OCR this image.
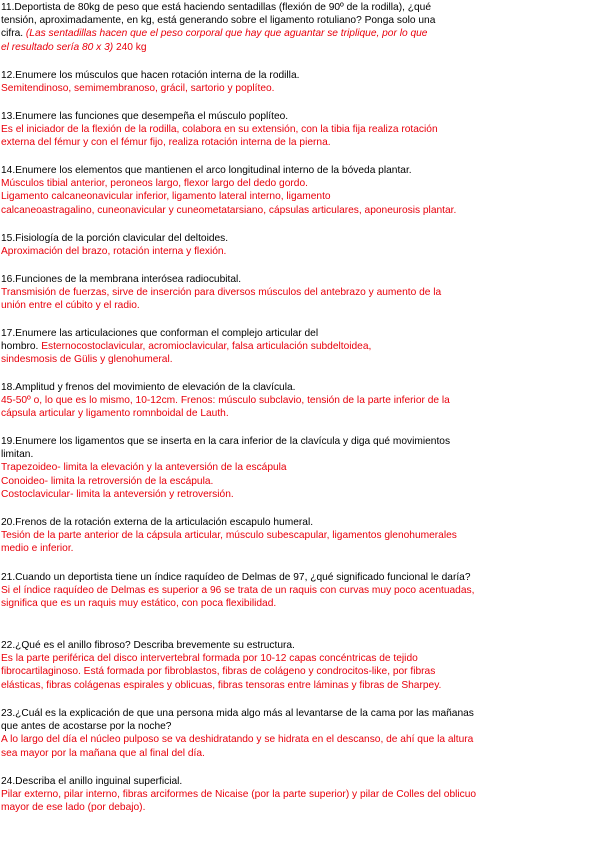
11.Deportista de 80kg de peso que está haciendo sentadillas (flexión de 90º de la rodilla), ¿qué
tensión, aproximadamente, en kg, está generando sobre el ligamento rotuliano? Ponga solo una
cifra. (Las sentadillas hacen que el peso corporal que hay que aguantar se triplique, por lo que
el resultado sería 80 x 3) 240 kg
12.Enumere los músculos que hacen rotación interna de la rodilla.
Semitendinoso, semimembranoso, grácil, sartorio y poplíteo.
13.Enumere las funciones que desempeña el músculo poplíteo.
Es el iniciador de la flexión de la rodilla, colabora en su extensión, con la tibia fija realiza rotación
externa del fémur y con el fémur fijo, realiza rotación interna de la pierna.
14.Enumere los elementos que mantienen el arco longitudinal interno de la bóveda plantar.
Músculos tibial anterior, peroneos largo, flexor largo del dedo gordo.
Ligamento calcaneonavicular inferior, ligamento lateral interno, ligamento
calcaneoastragalino, cuneonavicular y cuneometatarsiano, cápsulas articulares, aponeurosis plantar.
15.Fisiología de la porción clavicular del deltoides.
Aproximación del brazo, rotación interna y flexión.
16.Funciones de la membrana interósea radiocubital.
Transmisión de fuerzas, sirve de inserción para diversos músculos del antebrazo y aumento de la
unión entre el cúbito y el radio.
17.Enumere las articulaciones que conforman el complejo articular del
hombro. Esternocostoclavicular, acromioclavicular, falsa articulación subdeltoidea,
sindesmosis de Gülis y glenohumeral.
18.Amplitud y frenos del movimiento de elevación de la clavícula.
45-50º o, lo que es lo mismo, 10-12cm. Frenos: músculo subclavio, tensión de la parte inferior de la
cápsula articular y ligamento romnboidal de Lauth.
19.Enumere los ligamentos que se inserta en la cara inferior de la clavícula y diga qué movimientos
limitan.
Trapezoideo- limita la elevación y la anteversión de la escápula
Conoideo- limita la retroversión de la escápula.
Costoclavicular- limita la anteversión y retroversión.
20.Frenos de la rotación externa de la articulación escapulo humeral.
Tesión de la parte anterior de la cápsula articular, músculo subescapular, ligamentos glenohumerales
medio e inferior.
21.Cuando un deportista tiene un índice raquídeo de Delmas de 97, ¿qué significado funcional le daría?
Si el índice raquídeo de Delmas es superior a 96 se trata de un raquis con curvas muy poco acentuadas,
significa que es un raquis muy estático, con poca flexibilidad.
22.¿Qué es el anillo fibroso? Describa brevemente su estructura.
Es la parte periférica del disco intervertebral formada por 10-12 capas concéntricas de tejido
fibrocartilaginoso. Está formada por fibroblastos, fibras de colágeno y condrocitos-like, por fibras
elásticas, fibras colágenas espirales y oblicuas, fibras tensoras entre láminas y fibras de Sharpey.
23.¿Cuál es la explicación de que una persona mida algo más al levantarse de la cama por las mañanas
que antes de acostarse por la noche?
A lo largo del día el núcleo pulposo se va deshidratando y se hidrata en el descanso, de ahí que la altura
sea mayor por la mañana que al final del día.
24.Describa el anillo inguinal superficial.
Pilar externo, pilar interno, fibras arciformes de Nicaise (por la parte superior) y pilar de Colles del oblicuo
mayor de ese lado (por debajo).
